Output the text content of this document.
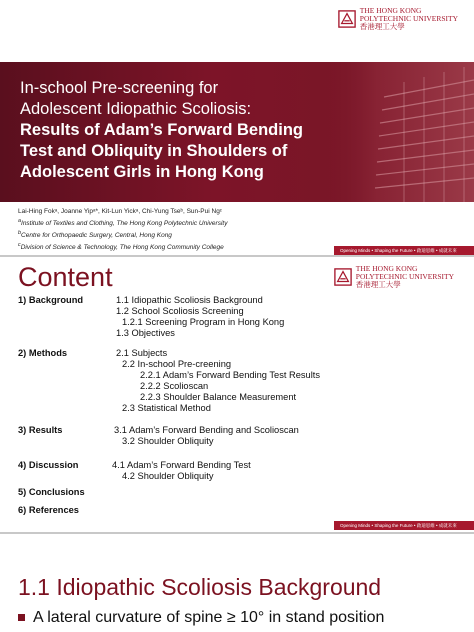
THE HONG KONG
POLYTECHNIC UNIVERSITY
香港理工大學
In-school Pre-screening for
Adolescent Idiopathic Scoliosis:
Results of Adam’s Forward Bending
Test and Obliquity in Shoulders of
Adolescent Girls in Hong Kong
Lai-Hing Fokᵃ, Joanne Yipᵃ*, Kit-Lun Yickᵃ, Chi-Yung Tseᵇ, Sun-Pui Ngᶜ
$^a$Institute of Textiles and Clothing, The Hong Kong Polytechnic University
$^b$Centre for Orthopaedic Surgery, Central, Hong Kong
$^c$Division of Science & Technology, The Hong Kong Community College	Opening Minds • Shaping the Future • 啟迪思維 • 成就未來
Content	THE HONG KONG
POLYTECHNIC UNIVERSITY
香港理工大學
1) Background	1.1 Idiopathic Scoliosis Background
1.2 School Scoliosis Screening
1.2.1 Screening Program in Hong Kong
1.3 Objectives
2) Methods	2.1 Subjects
2.2 In-school Pre-creening
2.2.1 Adam’s Forward Bending Test Results
2.2.2 Scolioscan
2.2.3 Shoulder Balance Measurement
2.3 Statistical Method
3) Results	3.1 Adam’s Forward Bending and Scolioscan
3.2 Shoulder Obliquity
4) Discussion	4.1 Adam’s Forward Bending Test
4.2 Shoulder Obliquity
5) Conclusions
6) References
Opening Minds • Shaping the Future • 啟迪思維 • 成就未來
1.1 Idiopathic Scoliosis Background
A lateral curvature of spine ≥ 10° in stand position
